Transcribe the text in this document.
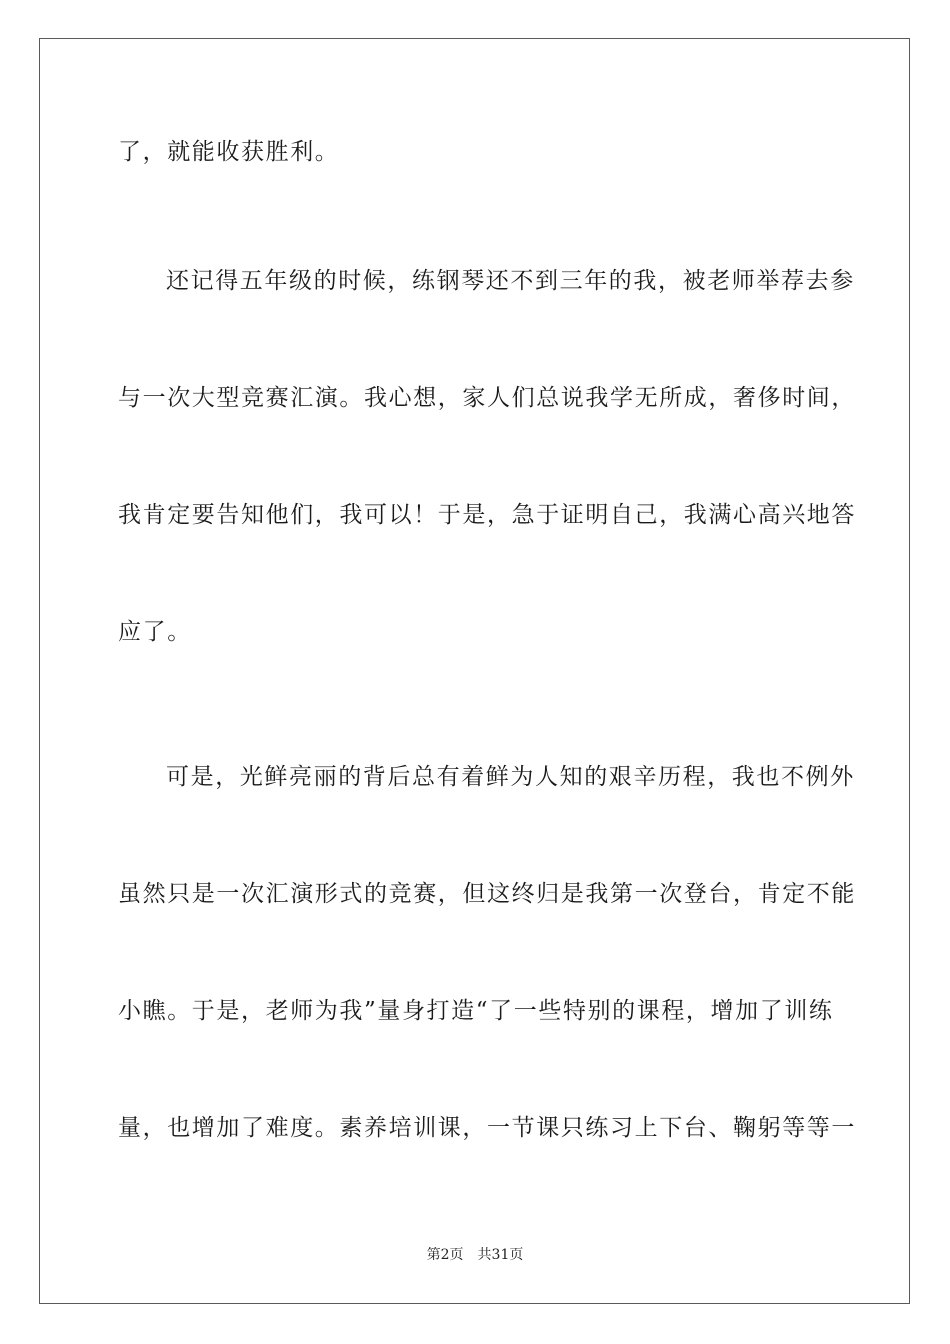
了，就能收获胜利。
还记得五年级的时候，练钢琴还不到三年的我，被老师举荐去参
与一次大型竞赛汇演。我心想，家人们总说我学无所成，奢侈时间，
我肯定要告知他们，我可以！于是，急于证明自己，我满心高兴地答
应了。
可是，光鲜亮丽的背后总有着鲜为人知的艰辛历程，我也不例外
虽然只是一次汇演形式的竞赛，但这终归是我第一次登台，肯定不能
小瞧。于是，老师为我”量身打造“了一些特别的课程，增加了训练
量，也增加了难度。素养培训课，一节课只练习上下台、鞠躬等等一
第2页 共31页
